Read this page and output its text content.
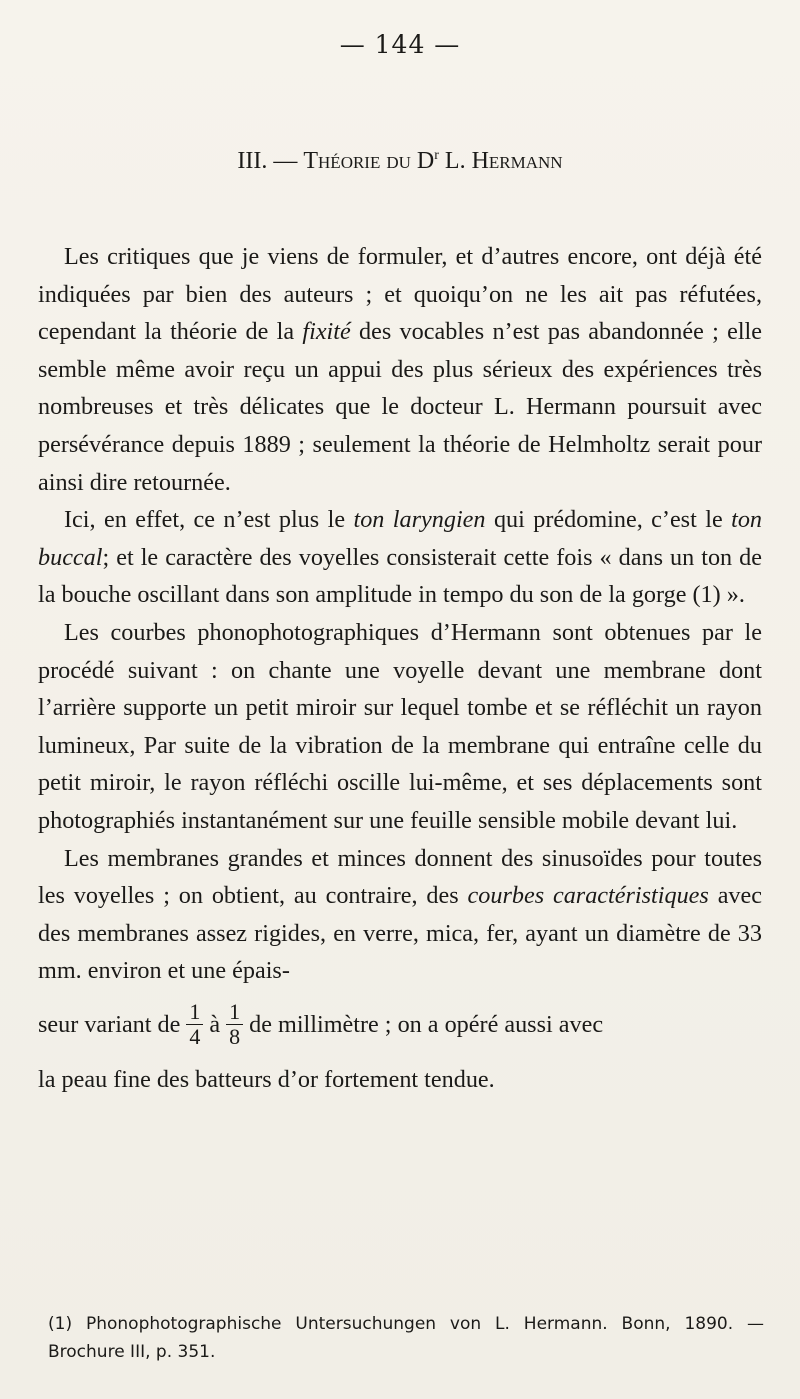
— 144 —
III. — Théorie du $D^r$ L. Hermann

Les critiques que je viens de formuler, et d’autres encore, ont déjà été indiquées par bien des auteurs ; et quoiqu’on ne les ait pas réfutées, cependant la théorie de la fixité des vocables n’est pas abandonnée ; elle semble même avoir reçu un appui des plus sérieux des expériences très nombreuses et très délicates que le docteur L. Hermann poursuit avec persévérance depuis 1889 ; seulement la théorie de Helmholtz serait pour ainsi dire retournée.

Ici, en effet, ce n’est plus le ton laryngien qui prédomine, c’est le ton buccal; et le caractère des voyelles consisterait cette fois « dans un ton de la bouche oscillant dans son amplitude in tempo du son de la gorge (1) ».

Les courbes phonophotographiques d’Hermann sont obtenues par le procédé suivant : on chante une voyelle devant une membrane dont l’arrière supporte un petit miroir sur lequel tombe et se réfléchit un rayon lumineux, Par suite de la vibration de la membrane qui entraîne celle du petit miroir, le rayon réfléchi oscille lui-même, et ses déplacements sont photographiés instantanément sur une feuille sensible mobile devant lui.

Les membranes grandes et minces donnent des sinusoïdes pour toutes les voyelles ; on obtient, au contraire, des courbes caractéristiques avec des membranes assez rigides, en verre, mica, fer, ayant un diamètre de 33 mm. environ et une épais-

seur variant de $\frac{1}{4}$ à $\frac{1}{8}$ de millimètre ; on a opéré aussi avec
la peau fine des batteurs d’or fortement tendue.
(1) Phonophotographische Untersuchungen von L. Hermann. Bonn, 1890. — Brochure III, p. 351.
